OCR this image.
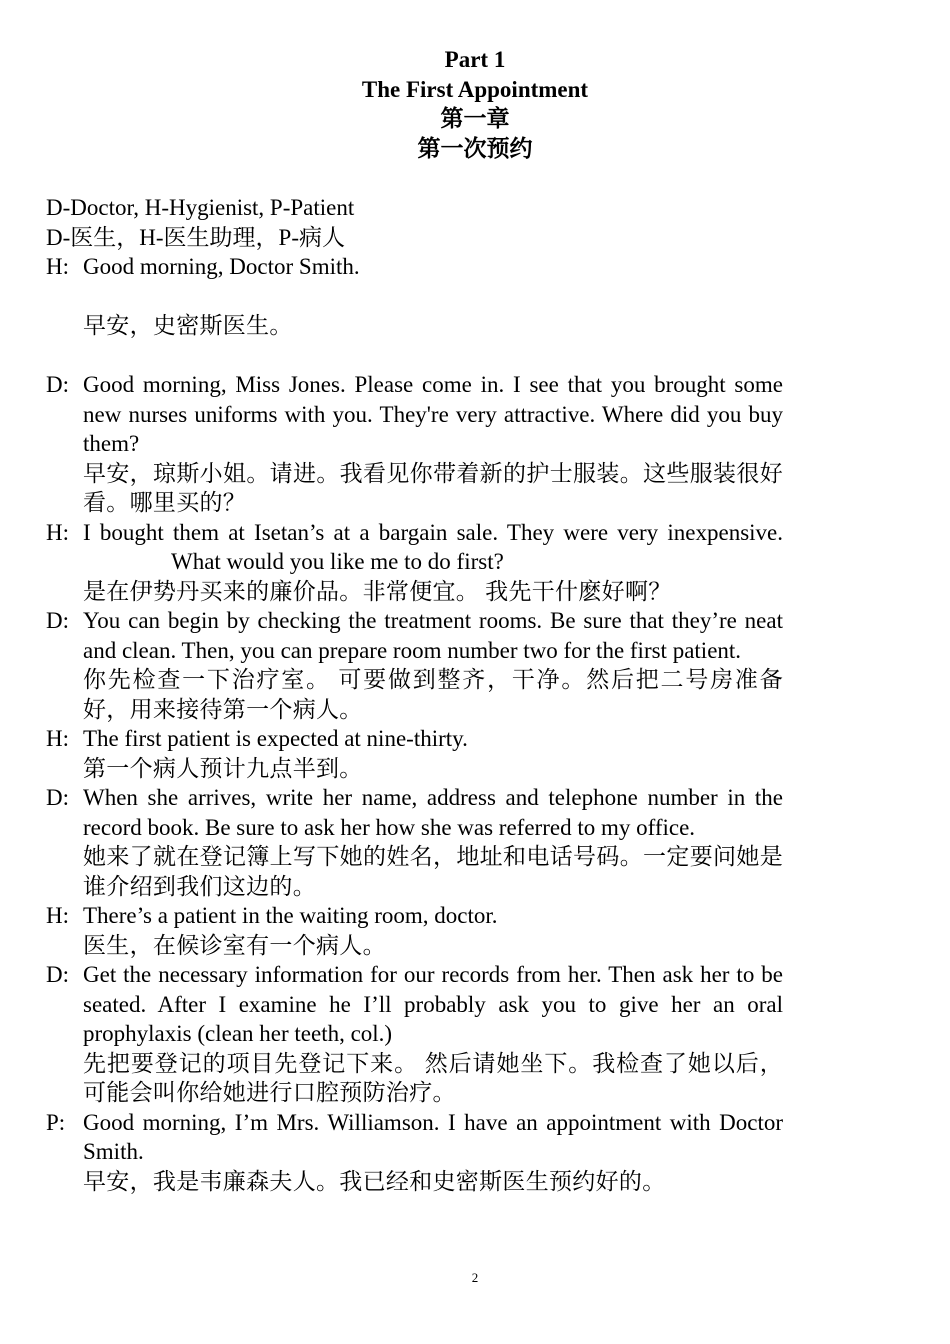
Part 1
The First Appointment
第一章
第一次预约
D-Doctor, H-Hygienist, P-Patient
D-医生，H-医生助理，P-病人
H: Good morning, Doctor Smith.
早安，史密斯医生。
D: Good morning, Miss Jones. Please come in. I see that you brought some new nurses uniforms with you. They're very attractive. Where did you buy them?
早安，琼斯小姐。请进。我看见你带着新的护士服装。这些服装很好看。哪里买的？
H: I bought them at Isetan’s at a bargain sale. They were very inexpensive.What would you like me to do first?
是在伊势丹买来的廉价品。非常便宜。 我先干什麽好啊？
D: You can begin by checking the treatment rooms. Be sure that they’re neat and clean. Then, you can prepare room number two for the first patient.
你先检查一下治疗室。 可要做到整齐，干净。然后把二号房准备好，用来接待第一个病人。
H: The first patient is expected at nine-thirty.
第一个病人预计九点半到。
D: When she arrives, write her name, address and telephone number in the record book. Be sure to ask her how she was referred to my office.
她来了就在登记簿上写下她的姓名，地址和电话号码。一定要问她是谁介绍到我们这边的。
H: There’s a patient in the waiting room, doctor.
医生，在候诊室有一个病人。
D: Get the necessary information for our records from her. Then ask her to be seated. After I examine he I’ll probably ask you to give her an oral prophylaxis (clean her teeth, col.)
先把要登记的项目先登记下来。 然后请她坐下。我检查了她以后，可能会叫你给她进行口腔预防治疗。
P: Good morning, I’m Mrs. Williamson. I have an appointment with Doctor Smith.
早安，我是韦廉森夫人。我已经和史密斯医生预约好的。
2
